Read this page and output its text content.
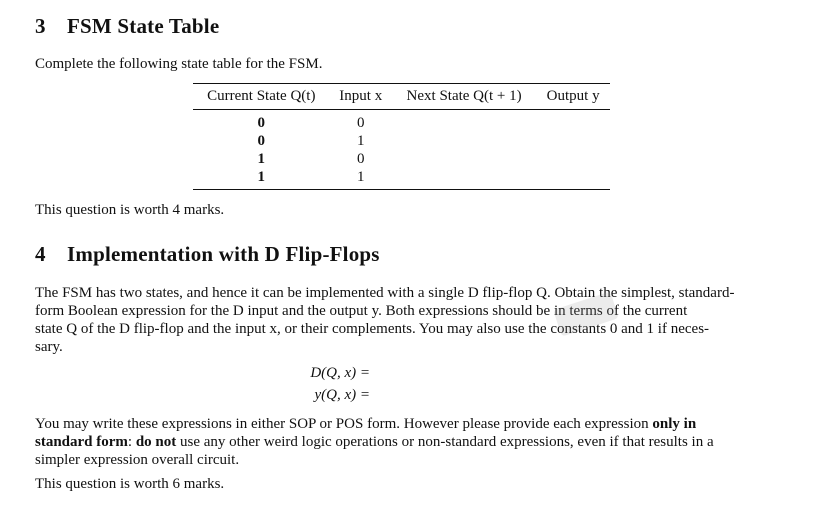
3 FSM State Table
Complete the following state table for the FSM.
Current State Q(t)	Input x	Next State Q(t + 1)	Output y
0	0		
0	1		
1	0		
1	1		
This question is worth 4 marks.
4 Implementation with D Flip-Flops
The FSM has two states, and hence it can be implemented with a single D flip-flop Q. Obtain the simplest, standard-
form Boolean expression for the D input and the output y. Both expressions should be in terms of the current
state Q of the D flip-flop and the input x, or their complements. You may also use the constants 0 and 1 if neces-
sary.
D(Q, x) =
y(Q, x) =
You may write these expressions in either SOP or POS form. However please provide each expression only in
standard form: do not use any other weird logic operations or non-standard expressions, even if that results in a
simpler expression overall circuit.
This question is worth 6 marks.
